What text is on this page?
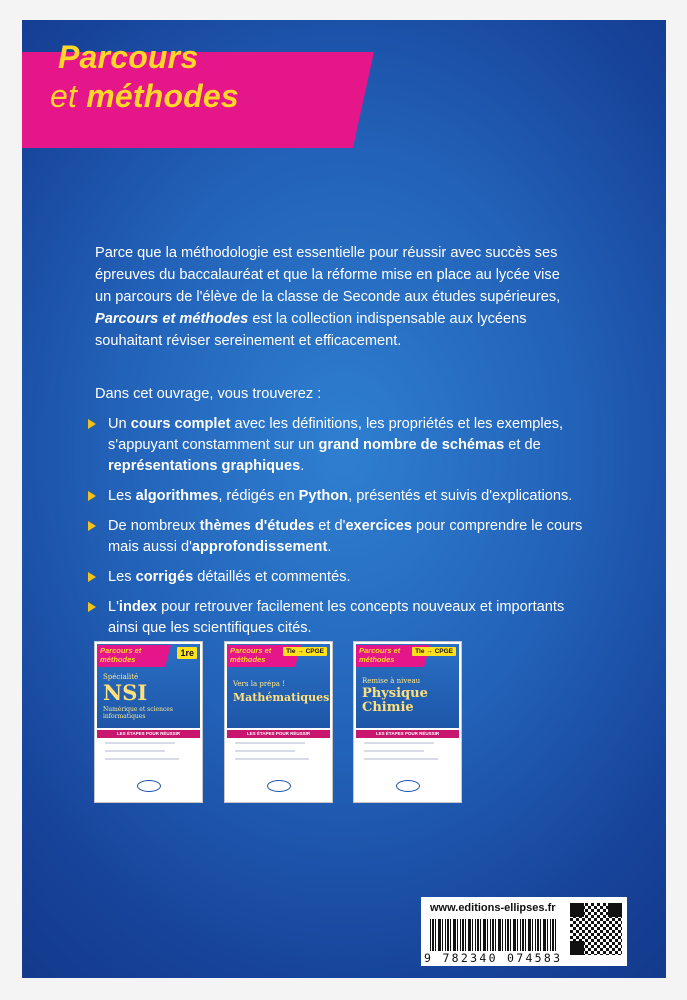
Parcours
et méthodes

Parce que la méthodologie est essentielle pour réussir avec succès ses épreuves du baccalauréat et que la réforme mise en place au lycée vise un parcours de l'élève de la classe de Seconde aux études supérieures, Parcours et méthodes est la collection indispensable aux lycéens souhaitant réviser sereinement et efficacement.

Dans cet ouvrage, vous trouverez :

Un cours complet avec les définitions, les propriétés et les exemples, s'appuyant constamment sur un grand nombre de schémas et de représentations graphiques.
Les algorithmes, rédigés en Python, présentés et suivis d'explications.
De nombreux thèmes d'études et d'exercices pour comprendre le cours mais aussi d'approfondissement.
Les corrigés détaillés et commentés.
L'index pour retrouver facilement les concepts nouveaux et importants ainsi que les scientifiques cités.
Parcours et méthodes
1re
Spécialité
NSI
Numérique et sciences informatiques
LES ÉTAPES POUR RÉUSSIR
Parcours et méthodes
Tle → CPGE
Vers la prépa !
Mathématiques
LES ÉTAPES POUR RÉUSSIR
Parcours et méthodes
Tle → CPGE
Remise à niveau
Physique Chimie
LES ÉTAPES POUR RÉUSSIR
www.editions-ellipses.fr
9 782340 074583
